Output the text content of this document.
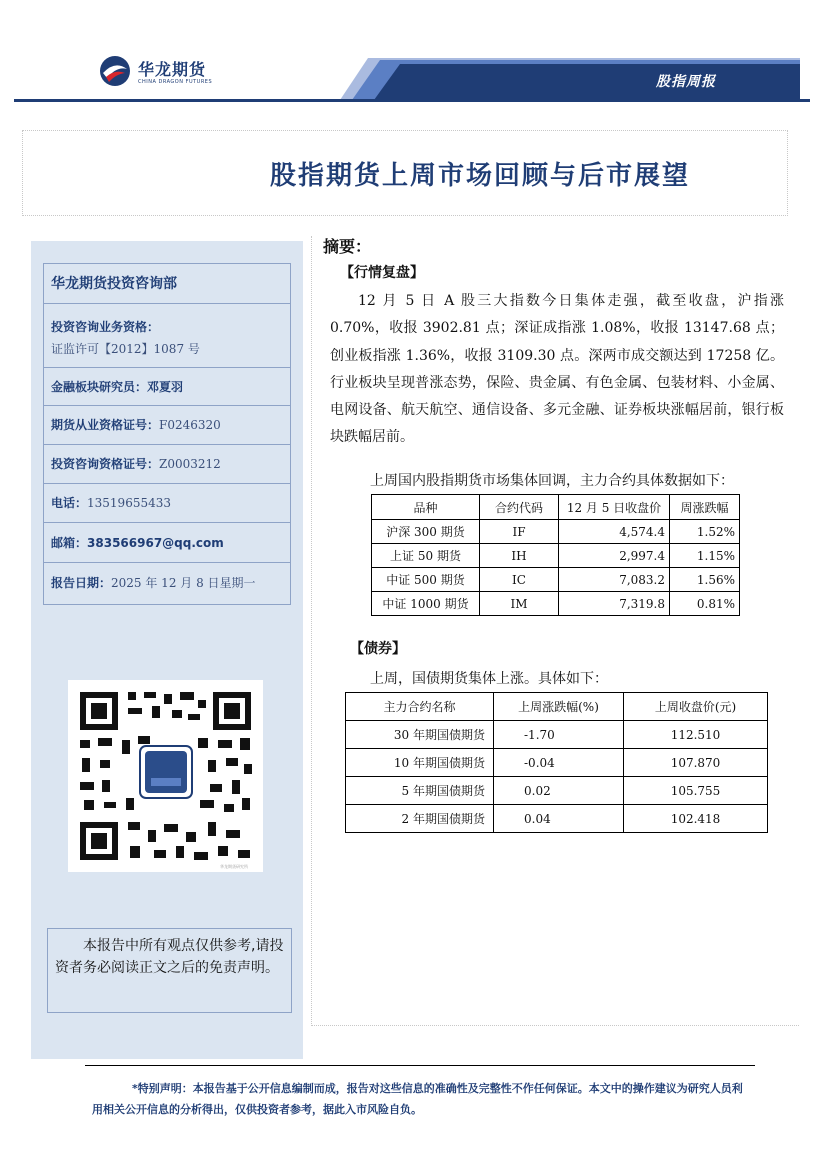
华龙期货
CHINA DRAGON FUTURES	股指周报
股指期货上周市场回顾与后市展望
华龙期货投资咨询部
投资咨询业务资格：
证监许可【2012】1087 号
金融板块研究员：邓夏羽
期货从业资格证号：F0246320
投资咨询资格证号：Z0003212
电话：13519655433
邮箱：383566967@qq.com
报告日期：2025 年 12 月 8 日星期一
华龙期货研究所
本报告中所有观点仅供参考,请投资者务必阅读正文之后的免责声明。
摘要：
【行情复盘】
12 月 5 日 A 股三大指数今日集体走强，截至收盘，沪指涨 0.70%，收报 3902.81 点；深证成指涨 1.08%，收报 13147.68 点；创业板指涨 1.36%，收报 3109.30 点。深两市成交额达到 17258 亿。行业板块呈现普涨态势，保险、贵金属、有色金属、包装材料、小金属、电网设备、航天航空、通信设备、多元金融、证券板块涨幅居前，银行板块跌幅居前。
上周国内股指期货市场集体回调，主力合约具体数据如下：
品种	合约代码	12 月 5 日收盘价	周涨跌幅
沪深 300 期货	IF	4,574.4	1.52%
上证 50 期货	IH	2,997.4	1.15%
中证 500 期货	IC	7,083.2	1.56%
中证 1000 期货	IM	7,319.8	0.81%
【债券】
上周，国债期货集体上涨。具体如下：
主力合约名称	上周涨跌幅(%)	上周收盘价(元)
30 年期国债期货	-1.70	112.510
10 年期国债期货	-0.04	107.870
5 年期国债期货	0.02	105.755
2 年期国债期货	0.04	102.418
*特别声明：本报告基于公开信息编制而成，报告对这些信息的准确性及完整性不作任何保证。本文中的操作建议为研究人员利用相关公开信息的分析得出，仅供投资者参考，据此入市风险自负。
